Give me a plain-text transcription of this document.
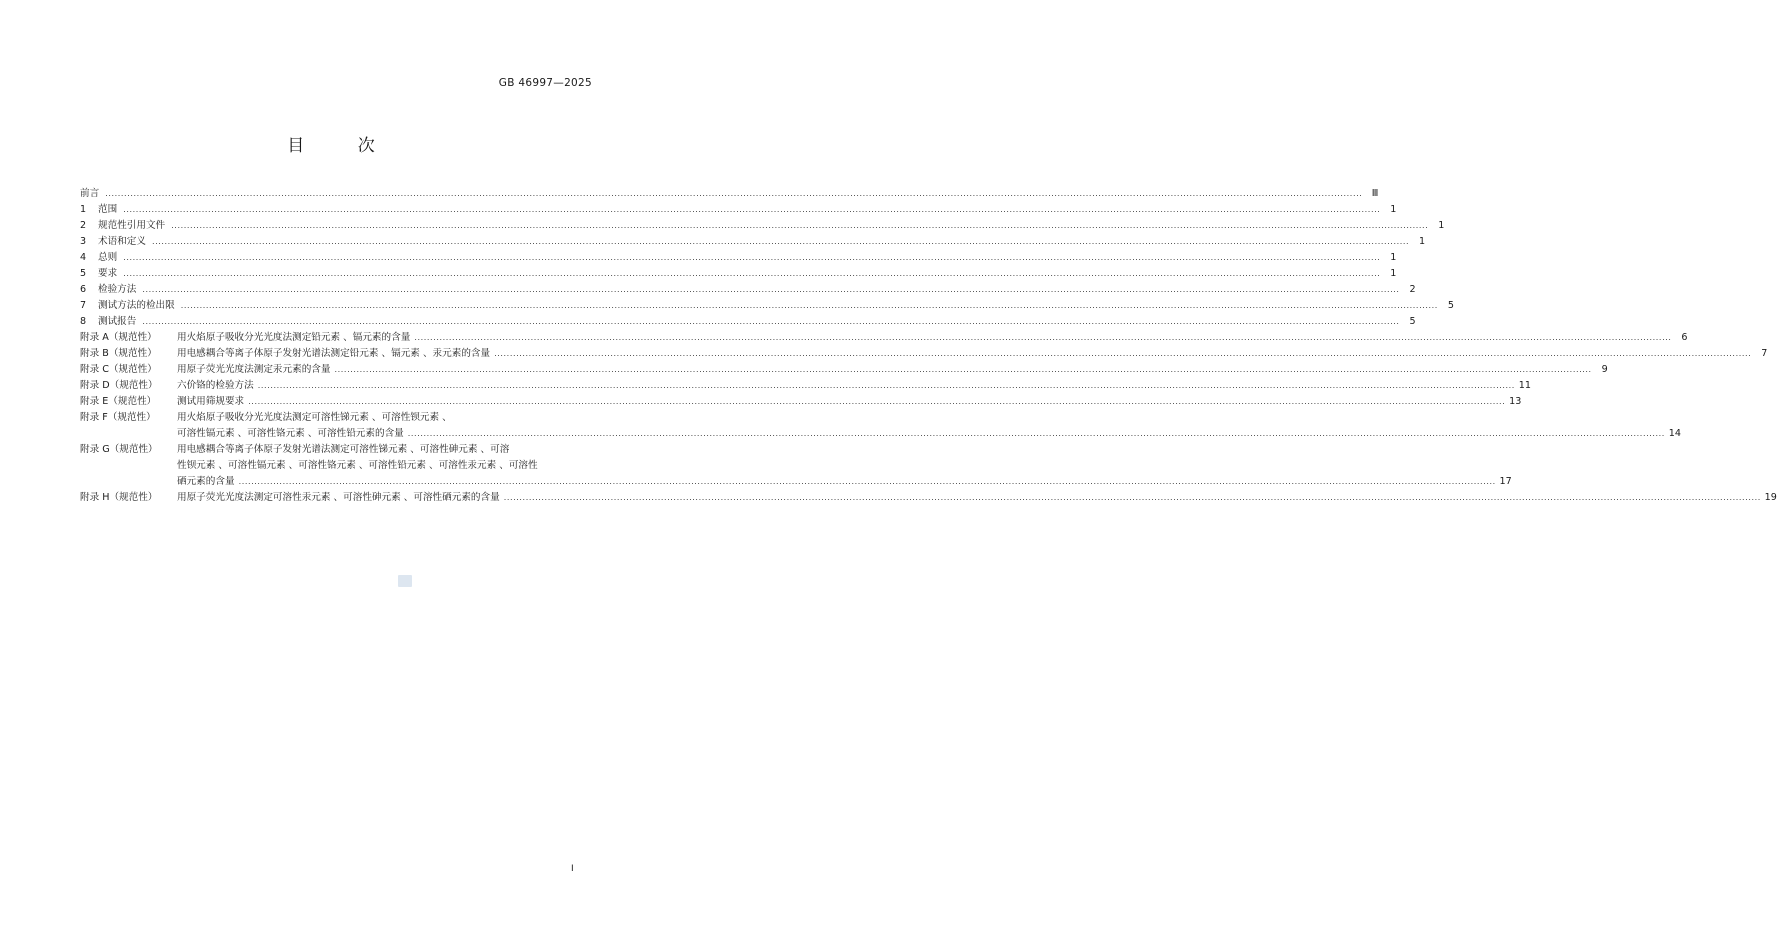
GB 46997—2025
目 次
前言 ................................................................................................................................................................................................................................................................................................................................................................................................................ Ⅲ
1	范围 ................................................................................................................................................................................................................................................................................................................................................................................................................	1
2	规范性引用文件 ................................................................................................................................................................................................................................................................................................................................................................................................................	1
3	术语和定义 ................................................................................................................................................................................................................................................................................................................................................................................................................	1
4	总则 ................................................................................................................................................................................................................................................................................................................................................................................................................	1
5	要求 ................................................................................................................................................................................................................................................................................................................................................................................................................	1
6	检验方法 ................................................................................................................................................................................................................................................................................................................................................................................................................	2
7	测试方法的检出限 ................................................................................................................................................................................................................................................................................................................................................................................................................	5
8	测试报告 ................................................................................................................................................................................................................................................................................................................................................................................................................	5
附录 A（规范性）	用火焰原子吸收分光光度法测定铅元素 、镉元素的含量 ................................................................................................................................................................................................................................................................................................................................................................................................................	6
附录 B（规范性）	用电感耦合等离子体原子发射光谱法测定铅元素 、镉元素 、汞元素的含量 ................................................................................................................................................................................................................................................................................................................................................................................................................	7
附录 C（规范性）	用原子荧光光度法测定汞元素的含量 ................................................................................................................................................................................................................................................................................................................................................................................................................	9
附录 D（规范性）	六价铬的检验方法 ................................................................................................................................................................................................................................................................................................................................................................................................................ 11
附录 E（规范性）	测试用筛规要求 ................................................................................................................................................................................................................................................................................................................................................................................................................ 13
附录 F（规范性）	用火焰原子吸收分光光度法测定可溶性锑元素 、可溶性钡元素 、
可溶性镉元素 、可溶性铬元素 、可溶性铅元素的含量 ................................................................................................................................................................................................................................................................................................................................................................................................................ 14
附录 G（规范性）	用电感耦合等离子体原子发射光谱法测定可溶性锑元素 、可溶性砷元素 、可溶
性钡元素 、可溶性镉元素 、可溶性铬元素 、可溶性铅元素 、可溶性汞元素 、可溶性
硒元素的含量 ................................................................................................................................................................................................................................................................................................................................................................................................................ 17
附录 H（规范性）	用原子荧光光度法测定可溶性汞元素 、可溶性砷元素 、可溶性硒元素的含量 ................................................................................................................................................................................................................................................................................................................................................................................................................ 19
I
